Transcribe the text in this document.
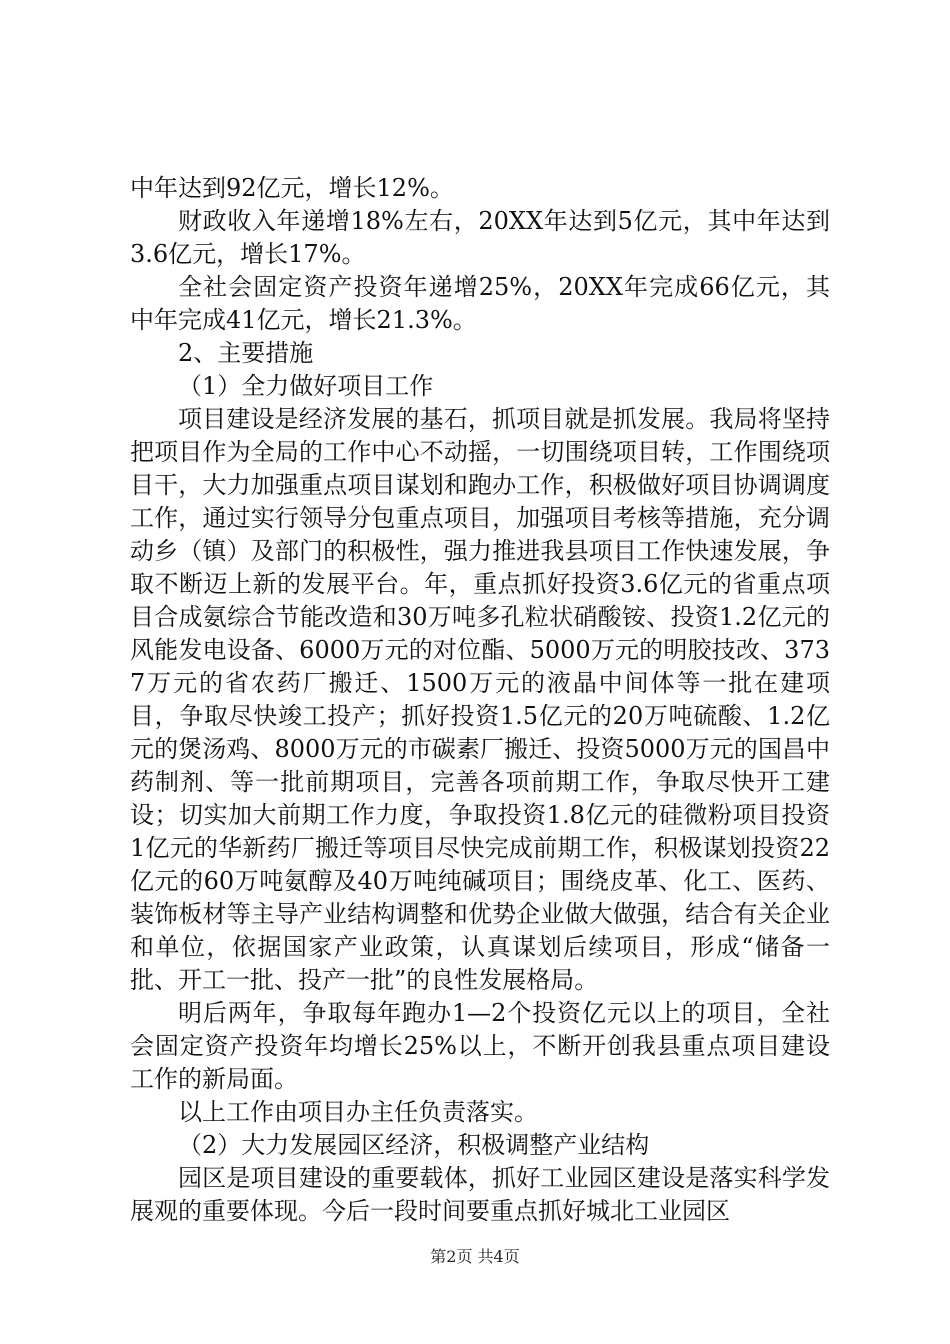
中年达到92亿元，增长12%。

财政收入年递增18%左右，20XX年达到5亿元，其中年达到3.6亿元，增长17%。

全社会固定资产投资年递增25%，20XX年完成66亿元，其中年完成41亿元，增长21.3%。

2、主要措施

（1）全力做好项目工作

项目建设是经济发展的基石，抓项目就是抓发展。我局将坚持把项目作为全局的工作中心不动摇，一切围绕项目转，工作围绕项目干，大力加强重点项目谋划和跑办工作，积极做好项目协调调度工作，通过实行领导分包重点项目，加强项目考核等措施，充分调动乡（镇）及部门的积极性，强力推进我县项目工作快速发展，争取不断迈上新的发展平台。年，重点抓好投资3.6亿元的省重点项目合成氨综合节能改造和30万吨多孔粒状硝酸铵、投资1.2亿元的风能发电设备、6000万元的对位酯、5000万元的明胶技改、3737万元的省农药厂搬迁、1500万元的液晶中间体等一批在建项目，争取尽快竣工投产；抓好投资1.5亿元的20万吨硫酸、1.2亿元的煲汤鸡、8000万元的市碳素厂搬迁、投资5000万元的国昌中药制剂、等一批前期项目，完善各项前期工作，争取尽快开工建设；切实加大前期工作力度，争取投资1.8亿元的硅微粉项目投资1亿元的华新药厂搬迁等项目尽快完成前期工作，积极谋划投资22亿元的60万吨氨醇及40万吨纯碱项目；围绕皮革、化工、医药、装饰板材等主导产业结构调整和优势企业做大做强，结合有关企业和单位，依据国家产业政策，认真谋划后续项目，形成“储备一批、开工一批、投产一批”的良性发展格局。

明后两年，争取每年跑办1—2个投资亿元以上的项目，全社会固定资产投资年均增长25%以上，不断开创我县重点项目建设工作的新局面。

以上工作由项目办主任负责落实。

（2）大力发展园区经济，积极调整产业结构

园区是项目建设的重要载体，抓好工业园区建设是落实科学发展观的重要体现。今后一段时间要重点抓好城北工业园区

第2页 共4页
